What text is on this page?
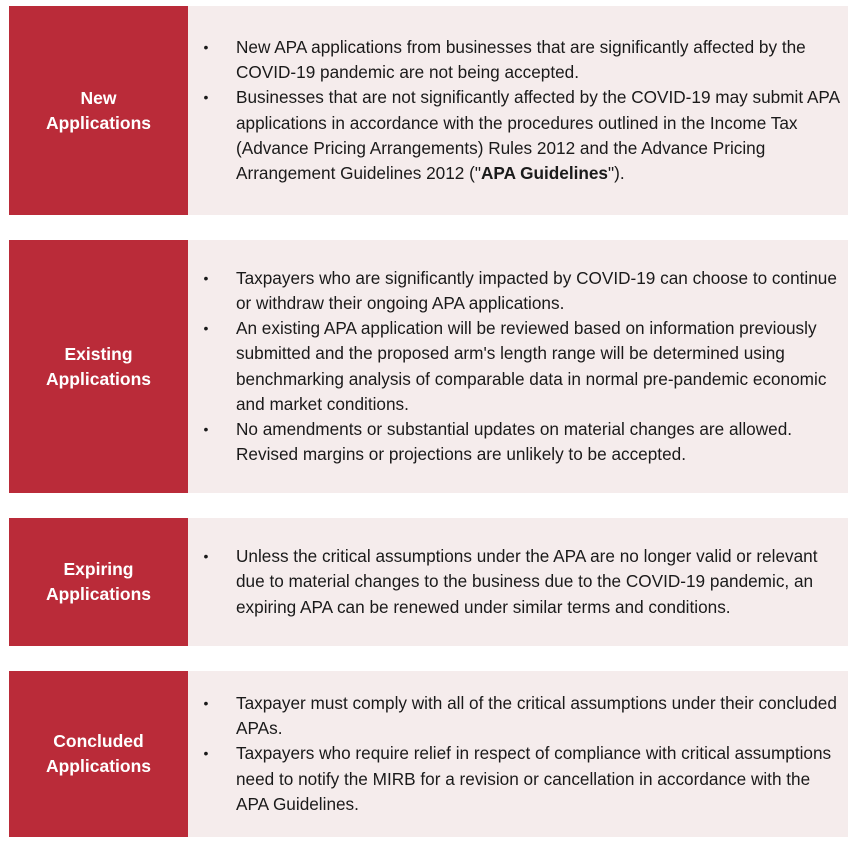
New
Applications
• New APA applications from businesses that are significantly affected by the COVID-19 pandemic are not being accepted.
• Businesses that are not significantly affected by the COVID-19 may submit APA applications in accordance with the procedures outlined in the Income Tax (Advance Pricing Arrangements) Rules 2012 and the Advance Pricing Arrangement Guidelines 2012 ("APA Guidelines").
Existing
Applications
• Taxpayers who are significantly impacted by COVID-19 can choose to continue or withdraw their ongoing APA applications.
• An existing APA application will be reviewed based on information previously submitted and the proposed arm's length range will be determined using benchmarking analysis of comparable data in normal pre-pandemic economic and market conditions.
• No amendments or substantial updates on material changes are allowed. Revised margins or projections are unlikely to be accepted.
Expiring
Applications
• Unless the critical assumptions under the APA are no longer valid or relevant due to material changes to the business due to the COVID-19 pandemic, an expiring APA can be renewed under similar terms and conditions.
Concluded
Applications
• Taxpayer must comply with all of the critical assumptions under their concluded APAs.
• Taxpayers who require relief in respect of compliance with critical assumptions need to notify the MIRB for a revision or cancellation in accordance with the APA Guidelines.
